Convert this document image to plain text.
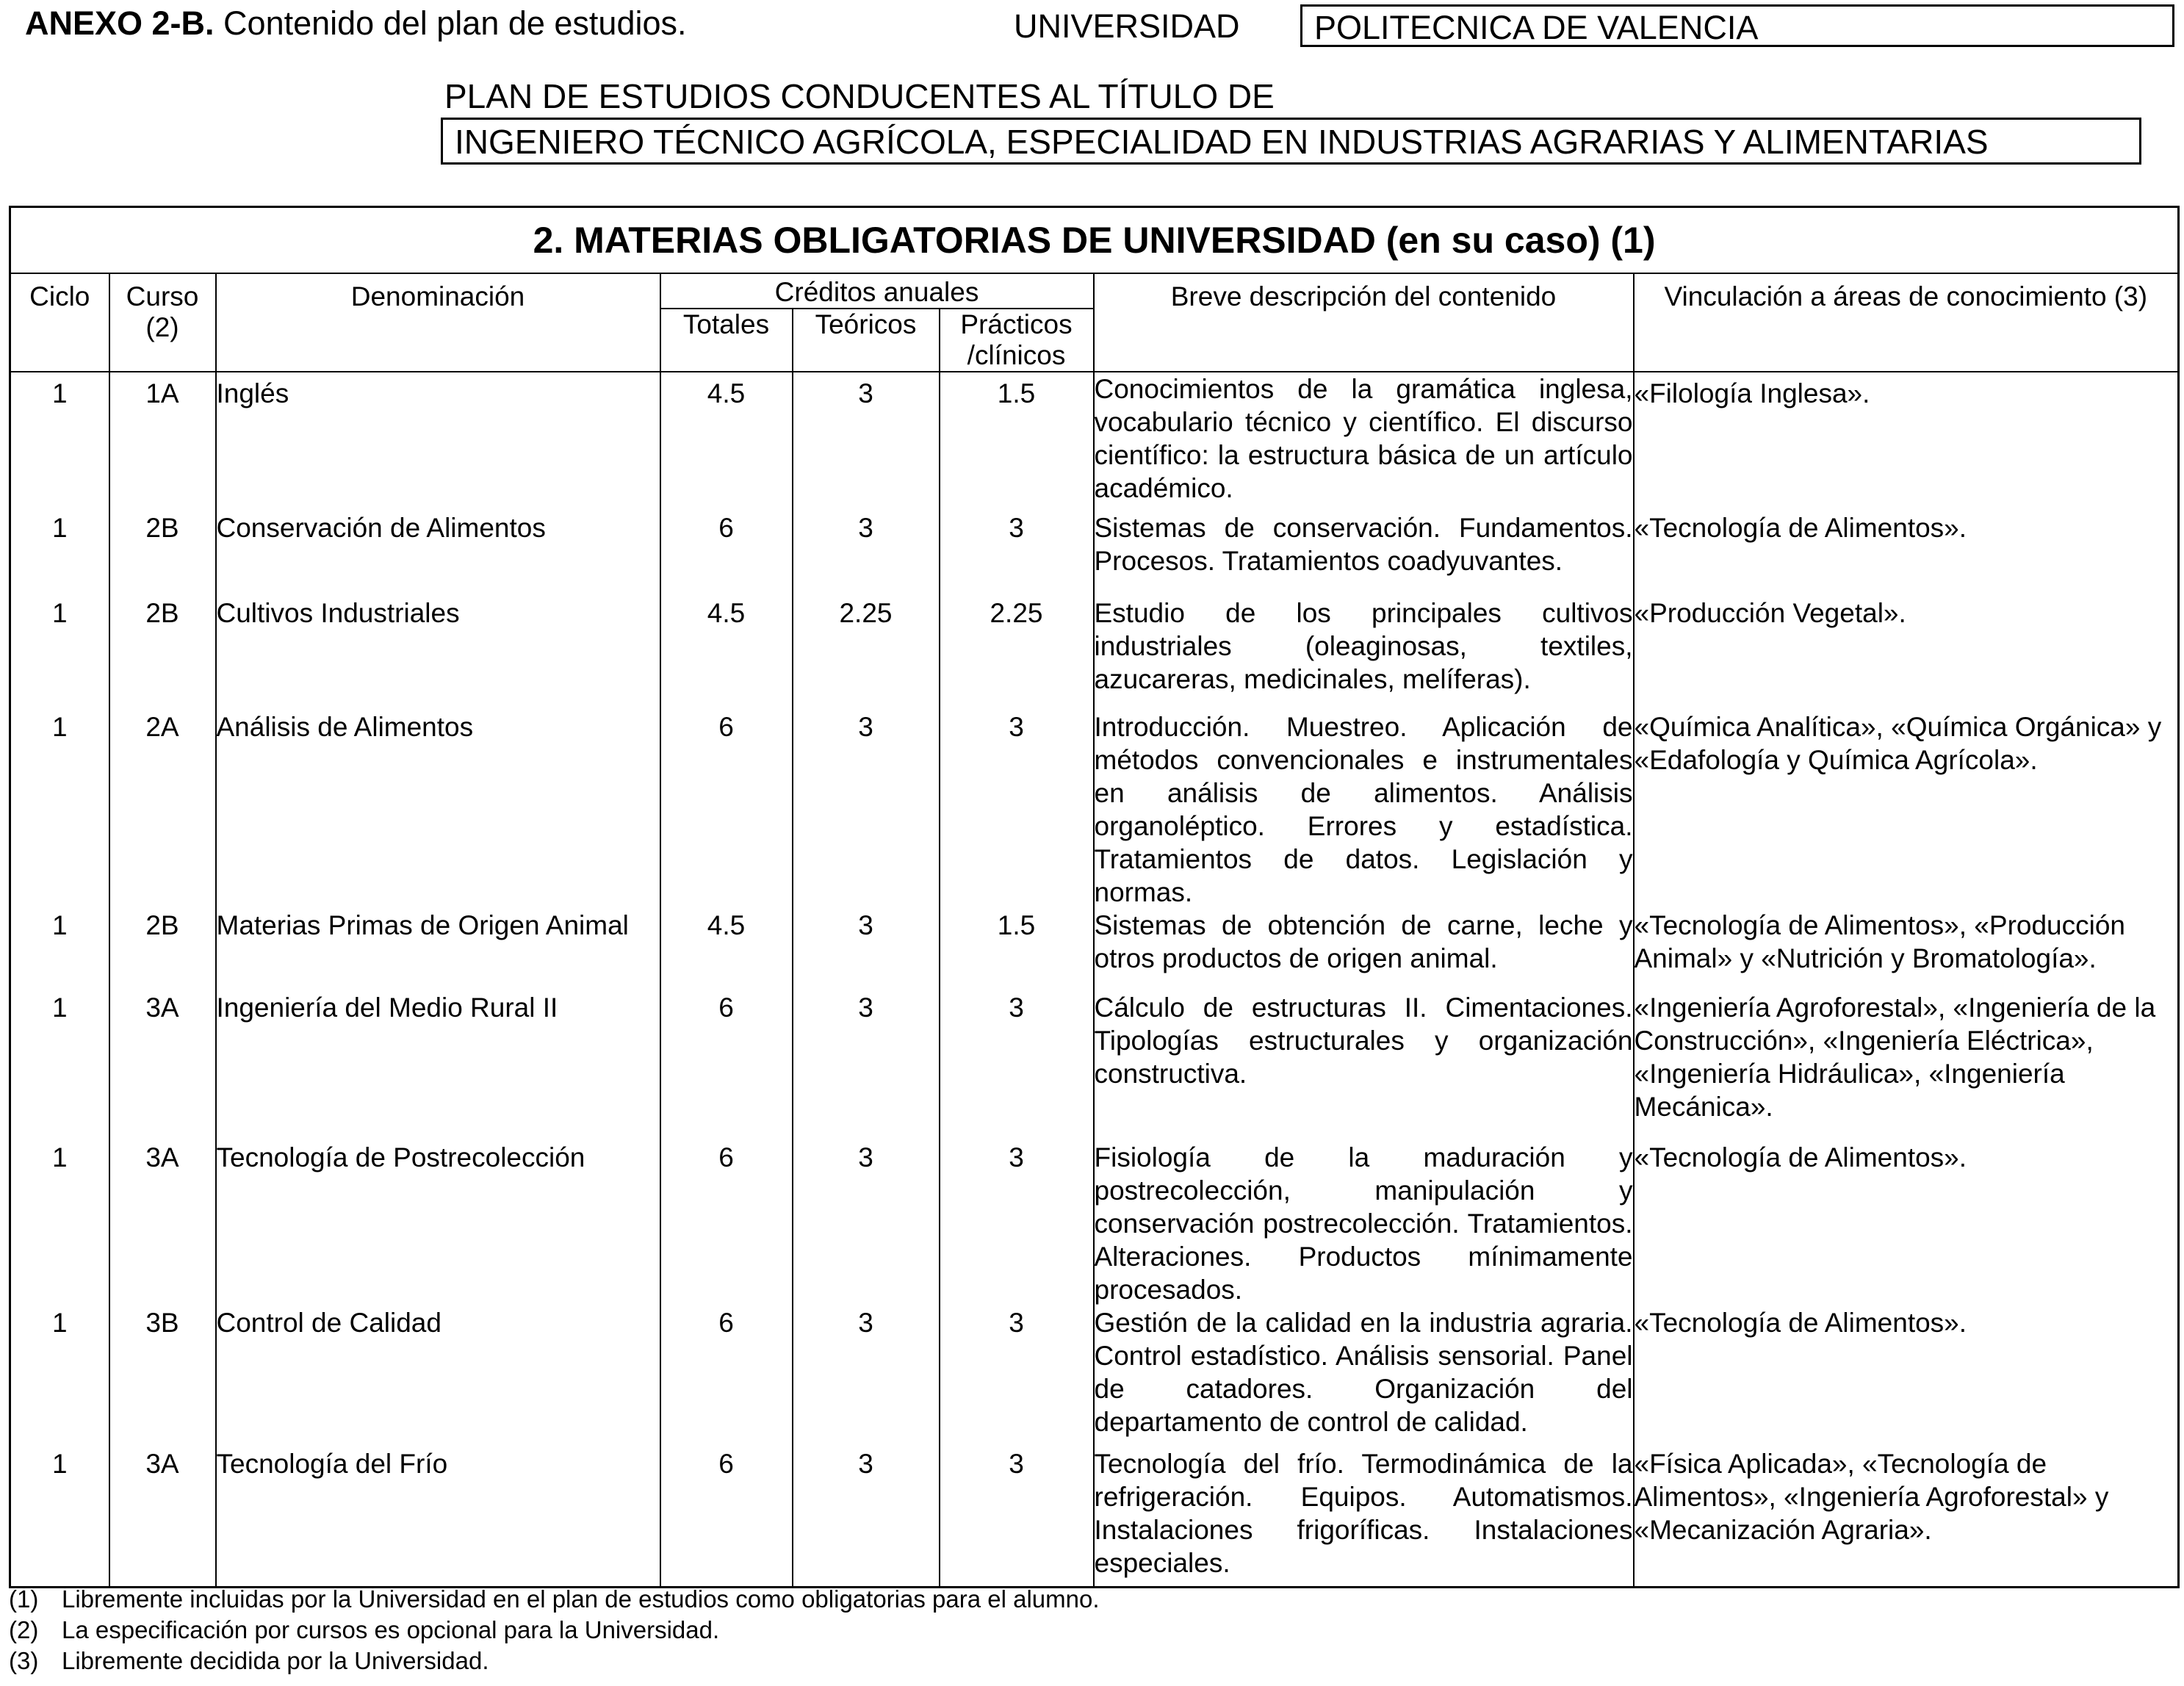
ANEXO 2-B. Contenido del plan de estudios.	UNIVERSIDAD	POLITECNICA DE VALENCIA
PLAN DE ESTUDIOS CONDUCENTES AL TÍTULO DE
INGENIERO TÉCNICO AGRÍCOLA, ESPECIALIDAD EN INDUSTRIAS AGRARIAS Y ALIMENTARIAS
2. MATERIAS OBLIGATORIAS DE UNIVERSIDAD (en su caso) (1)							
Ciclo	Curso (2)	Denominación	Créditos anuales			Breve descripción del contenido	Vinculación a áreas de conocimiento (3)
			Totales	Teóricos	Prácticos /clínicos		
1	1A	Inglés	4.5	3	1.5	Conocimientos de la gramática inglesa, vocabulario técnico y científico. El discurso científico: la estructura básica de un artículo académico.	«Filología Inglesa».
1	2B	Conservación de Alimentos	6	3	3	Sistemas de conservación. Fundamentos. Procesos. Tratamientos coadyuvantes.	«Tecnología de Alimentos».
1	2B	Cultivos Industriales	4.5	2.25	2.25	Estudio de los principales cultivos industriales (oleaginosas, textiles, azucareras, medicinales, melíferas).	«Producción Vegetal».
1	2A	Análisis de Alimentos	6	3	3	Introducción. Muestreo. Aplicación de métodos convencionales e instrumentales en análisis de alimentos. Análisis organoléptico. Errores y estadística. Tratamientos de datos. Legislación y normas.	«Química Analítica», «Química Orgánica» y «Edafología y Química Agrícola».
1	2B	Materias Primas de Origen Animal	4.5	3	1.5	Sistemas de obtención de carne, leche y otros productos de origen animal.	«Tecnología de Alimentos», «Producción Animal» y «Nutrición y Bromatología».
1	3A	Ingeniería del Medio Rural II	6	3	3	Cálculo de estructuras II. Cimentaciones. Tipologías estructurales y organización constructiva.	«Ingeniería Agroforestal», «Ingeniería de la Construcción», «Ingeniería Eléctrica», «Ingeniería Hidráulica», «Ingeniería Mecánica».
1	3A	Tecnología de Postrecolección	6	3	3	Fisiología de la maduración y postrecolección, manipulación y conservación postrecolección. Tratamientos. Alteraciones. Productos mínimamente procesados.	«Tecnología de Alimentos».
1	3B	Control de Calidad	6	3	3	Gestión de la calidad en la industria agraria. Control estadístico. Análisis sensorial. Panel de catadores. Organización del departamento de control de calidad.	«Tecnología de Alimentos».
1	3A	Tecnología del Frío	6	3	3	Tecnología del frío. Termodinámica de la refrigeración. Equipos. Automatismos. Instalaciones frigoríficas. Instalaciones especiales.	«Física Aplicada», «Tecnología de Alimentos», «Ingeniería Agroforestal» y «Mecanización Agraria».
(1) Libremente incluidas por la Universidad en el plan de estudios como obligatorias para el alumno.
(2) La especificación por cursos es opcional para la Universidad.
(3) Libremente decidida por la Universidad.
